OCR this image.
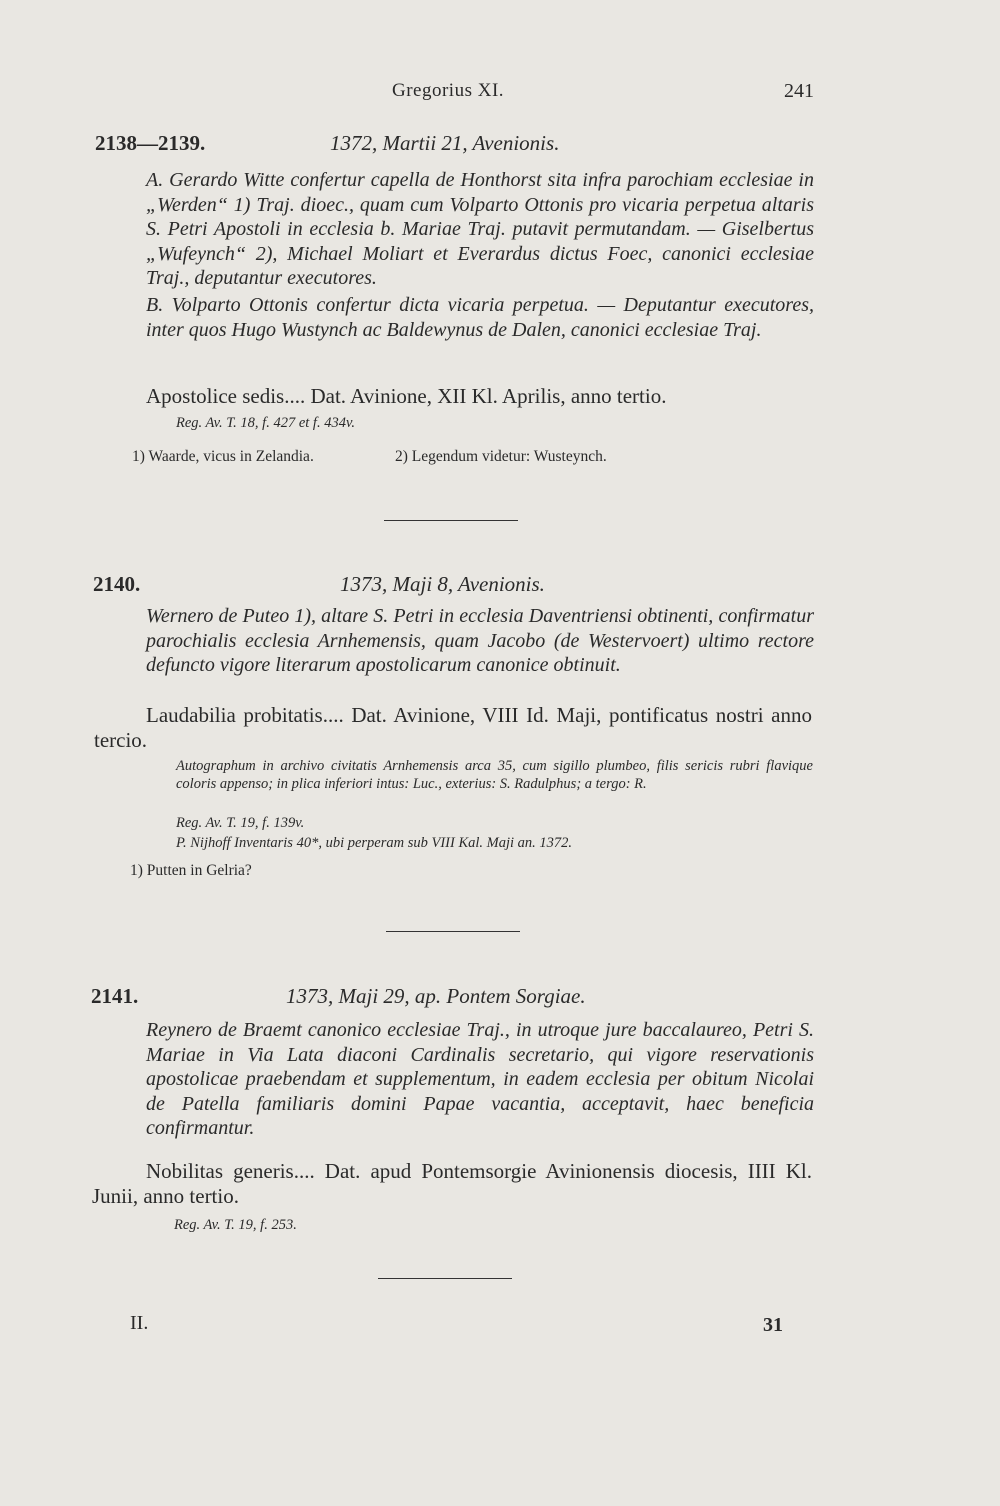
Gregorius XI.	241
2138—2139.	1372, Martii 21, Avenionis.
A. Gerardo Witte confertur capella de Honthorst sita infra parochiam ecclesiae in „Werden“ 1) Traj. dioec., quam cum Volparto Ottonis pro vicaria perpetua altaris S. Petri Apostoli in ecclesia b. Mariae Traj. putavit permutandam. — Giselbertus „Wufeynch“ 2), Michael Moliart et Everardus dictus Foec, canonici ecclesiae Traj., deputantur executores.
B. Volparto Ottonis confertur dicta vicaria perpetua. — Deputantur executores, inter quos Hugo Wustynch ac Baldewynus de Dalen, canonici ecclesiae Traj.
Apostolice sedis.... Dat. Avinione, XII Kl. Aprilis, anno tertio.
Reg. Av. T. 18, f. 427 et f. 434v.
1) Waarde, vicus in Zelandia.	2) Legendum videtur: Wusteynch.
2140.	1373, Maji 8, Avenionis.
Wernero de Puteo 1), altare S. Petri in ecclesia Daventriensi obtinenti, confirmatur parochialis ecclesia Arnhemensis, quam Jacobo (de Westervoert) ultimo rectore defuncto vigore literarum apostolicarum canonice obtinuit.
Laudabilia probitatis.... Dat. Avinione, VIII Id. Maji, pontificatus nostri anno tercio.
Autographum in archivo civitatis Arnhemensis arca 35, cum sigillo plumbeo, filis sericis rubri flavique coloris appenso; in plica inferiori intus: Luc., exterius: S. Radulphus; a tergo: R.
Reg. Av. T. 19, f. 139v.
P. Nijhoff Inventaris 40*, ubi perperam sub VIII Kal. Maji an. 1372.
1) Putten in Gelria?
2141.	1373, Maji 29, ap. Pontem Sorgiae.
Reynero de Braemt canonico ecclesiae Traj., in utroque jure baccalaureo, Petri S. Mariae in Via Lata diaconi Cardinalis secretario, qui vigore reservationis apostolicae praebendam et supplementum, in eadem ecclesia per obitum Nicolai de Patella familiaris domini Papae vacantia, acceptavit, haec beneficia confirmantur.
Nobilitas generis.... Dat. apud Pontemsorgie Avinionensis diocesis, IIII Kl. Junii, anno tertio.
Reg. Av. T. 19, f. 253.
II.	31
